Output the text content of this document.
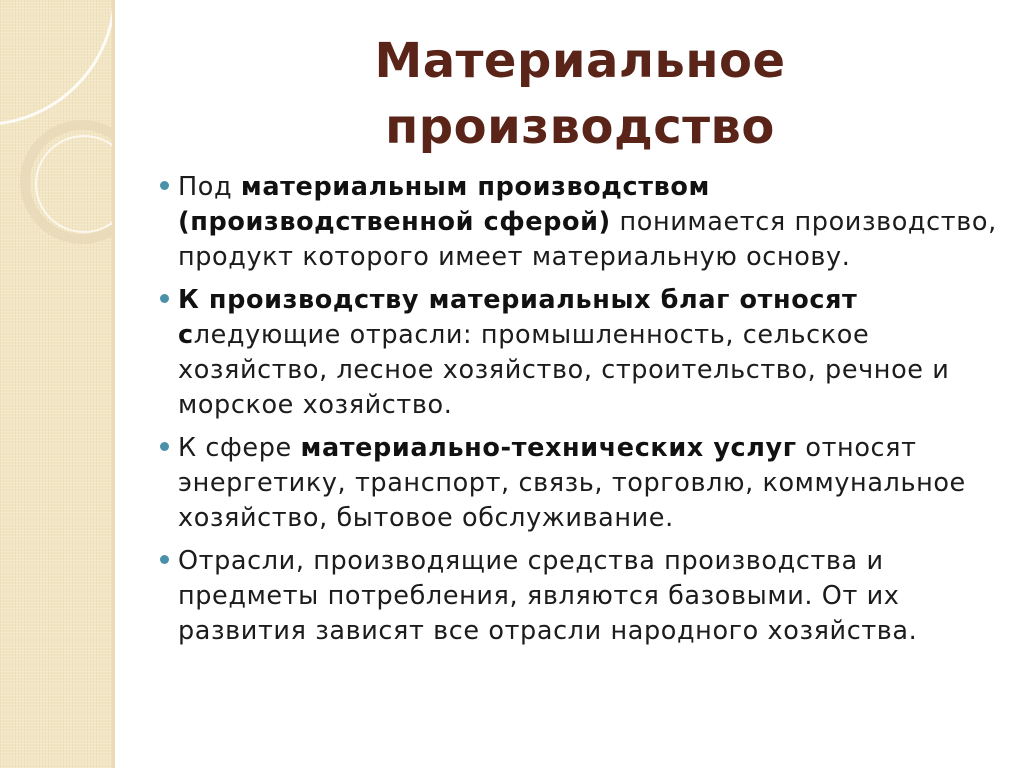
Материальное производство
Под материальным производством (производственной сферой) понимается производство, продукт которого имеет материальную основу.
К производству материальных благ относят следующие отрасли: промышленность, сельское хозяйство, лесное хозяйство, строительство, речное и морское хозяйство.
К сфере материально-технических услуг относят энергетику, транспорт, связь, торговлю, коммунальное хозяйство, бытовое обслуживание.
Отрасли, производящие средства производства и предметы потребления, являются базовыми. От их развития зависят все отрасли народного хозяйства.
